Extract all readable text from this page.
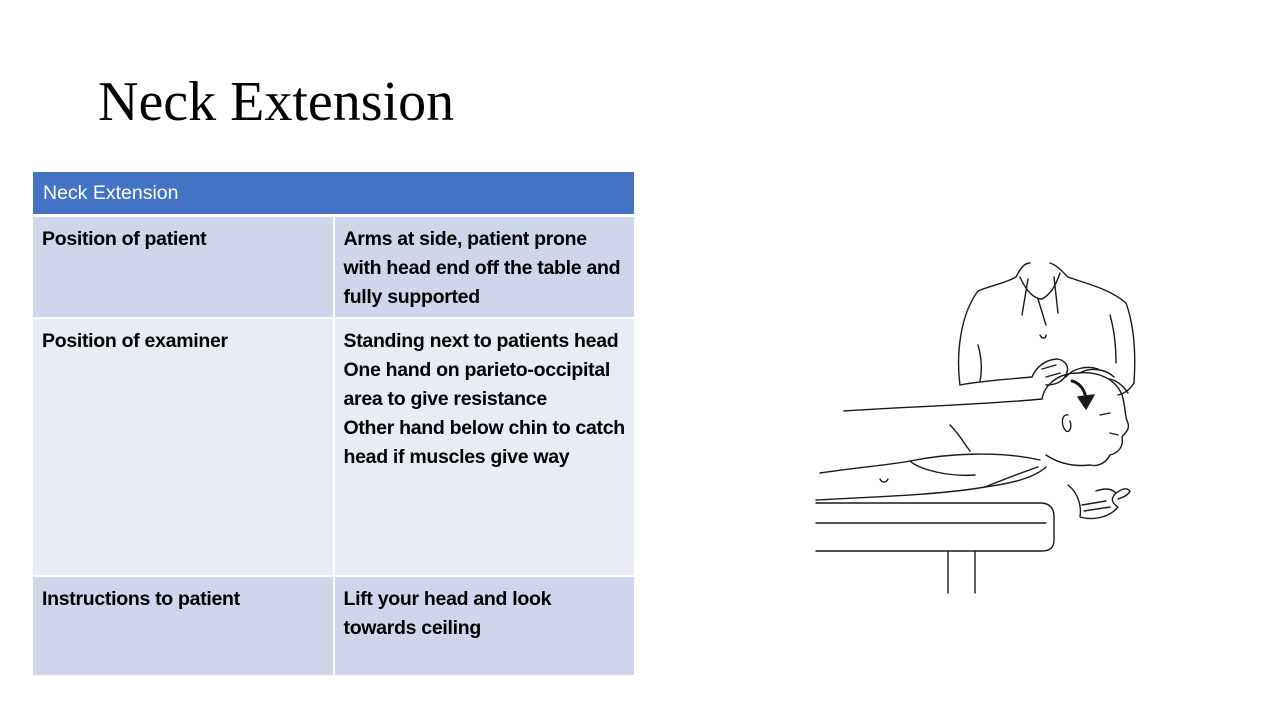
Neck Extension
Neck Extension	
Position of patient	Arms at side, patient prone with head end off the table and fully supported

Position of examiner	Standing next to patients head
One hand on parieto-occipital area to give resistance
Other hand below chin to catch head if muscles give way

Instructions to patient	Lift your head and look towards ceiling
